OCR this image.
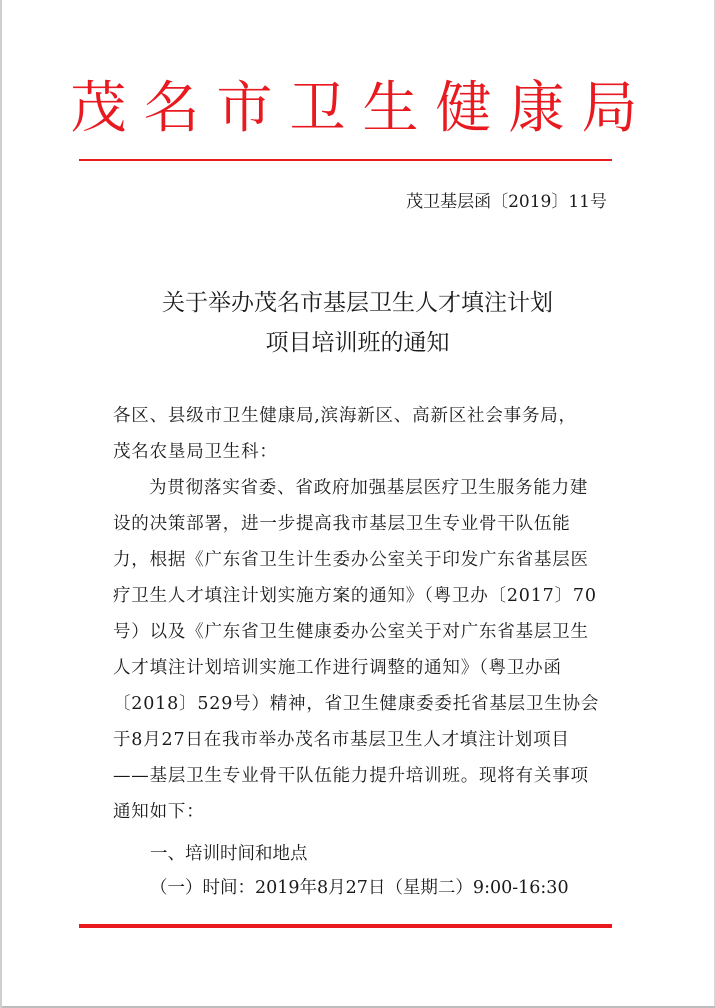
茂名市卫生健康局
茂卫基层函〔2019〕11号
关于举办茂名市基层卫生人才填注计划
项目培训班的通知
各区、县级市卫生健康局,滨海新区、高新区社会事务局，
茂名农垦局卫生科：
为贯彻落实省委、省政府加强基层医疗卫生服务能力建
设的决策部署，进一步提高我市基层卫生专业骨干队伍能
力，根据《广东省卫生计生委办公室关于印发广东省基层医
疗卫生人才填注计划实施方案的通知》（粤卫办〔2017〕70
号）以及《广东省卫生健康委办公室关于对广东省基层卫生
人才填注计划培训实施工作进行调整的通知》（粤卫办函
〔2018〕529号）精神，省卫生健康委委托省基层卫生协会
于8月27日在我市举办茂名市基层卫生人才填注计划项目
——基层卫生专业骨干队伍能力提升培训班。现将有关事项
通知如下：
一、培训时间和地点
（一）时间：2019年8月27日（星期二）9:00-16:30
